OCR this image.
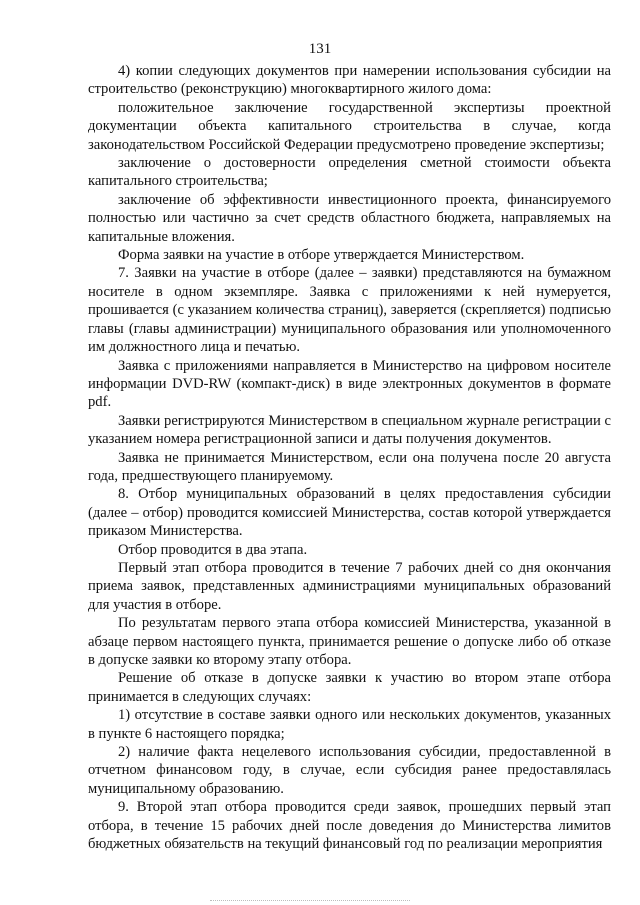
131

4) копии следующих документов при намерении использования субсидии на строительство (реконструкцию) многоквартирного жилого дома:

положительное заключение государственной экспертизы проектной документации объекта капитального строительства в случае, когда законодательством Российской Федерации предусмотрено проведение экспертизы;

заключение о достоверности определения сметной стоимости объекта капитального строительства;

заключение об эффективности инвестиционного проекта, финансируемого полностью или частично за счет средств областного бюджета, направляемых на капитальные вложения.

Форма заявки на участие в отборе утверждается Министерством.

7. Заявки на участие в отборе (далее – заявки) представляются на бумажном носителе в одном экземпляре. Заявка с приложениями к ней нумеруется, прошивается (с указанием количества страниц), заверяется (скрепляется) подписью главы (главы администрации) муниципального образования или уполномоченного им должностного лица и печатью.

Заявка с приложениями направляется в Министерство на цифровом носителе информации DVD-RW (компакт-диск) в виде электронных документов в формате pdf.

Заявки регистрируются Министерством в специальном журнале регистрации с указанием номера регистрационной записи и даты получения документов.

Заявка не принимается Министерством, если она получена после 20 августа года, предшествующего планируемому.

8. Отбор муниципальных образований в целях предоставления субсидии (далее – отбор) проводится комиссией Министерства, состав которой утверждается приказом Министерства.

Отбор проводится в два этапа.

Первый этап отбора проводится в течение 7 рабочих дней со дня окончания приема заявок, представленных администрациями муниципальных образований для участия в отборе.

По результатам первого этапа отбора комиссией Министерства, указанной в абзаце первом настоящего пункта, принимается решение о допуске либо об отказе в допуске заявки ко второму этапу отбора.

Решение об отказе в допуске заявки к участию во втором этапе отбора принимается в следующих случаях:

1) отсутствие в составе заявки одного или нескольких документов, указанных в пункте 6 настоящего порядка;

2) наличие факта нецелевого использования субсидии, предоставленной в отчетном финансовом году, в случае, если субсидия ранее предоставлялась муниципальному образованию.

9. Второй этап отбора проводится среди заявок, прошедших первый этап отбора, в течение 15 рабочих дней после доведения до Министерства лимитов бюджетных обязательств на текущий финансовый год по реализации мероприятия
